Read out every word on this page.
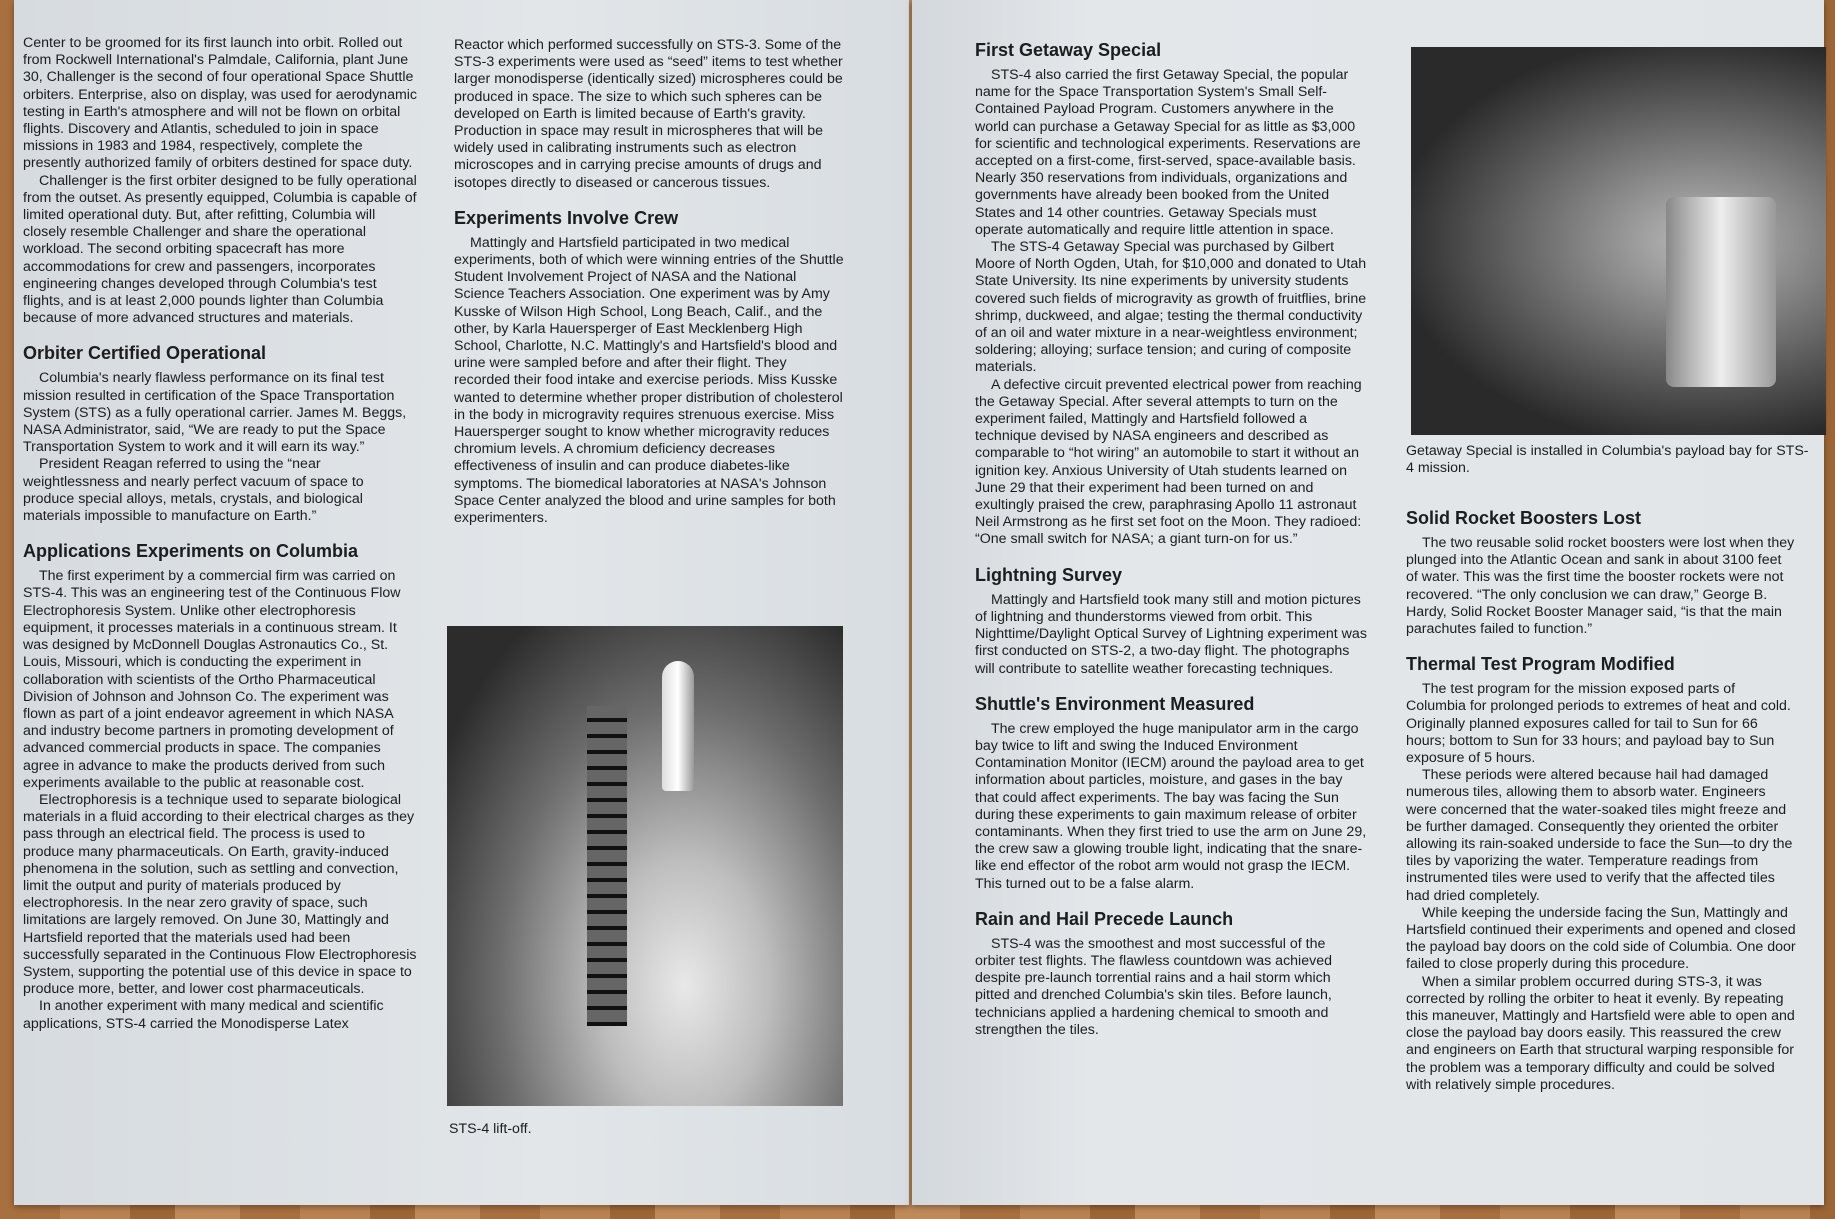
Center to be groomed for its first launch into orbit. Rolled out from Rockwell International's Palmdale, California, plant June 30, Challenger is the second of four operational Space Shuttle orbiters. Enterprise, also on display, was used for aerodynamic testing in Earth's atmosphere and will not be flown on orbital flights. Discovery and Atlantis, scheduled to join in space missions in 1983 and 1984, respectively, complete the presently authorized family of orbiters destined for space duty.

Challenger is the first orbiter designed to be fully operational from the outset. As presently equipped, Columbia is capable of limited operational duty. But, after refitting, Columbia will closely resemble Challenger and share the operational workload. The second orbiting spacecraft has more accommodations for crew and passengers, incorporates engineering changes developed through Columbia's test flights, and is at least 2,000 pounds lighter than Columbia because of more advanced structures and materials.

Orbiter Certified Operational

Columbia's nearly flawless performance on its final test mission resulted in certification of the Space Transportation System (STS) as a fully operational carrier. James M. Beggs, NASA Administrator, said, “We are ready to put the Space Transportation System to work and it will earn its way.”

President Reagan referred to using the “near weightlessness and nearly perfect vacuum of space to produce special alloys, metals, crystals, and biological materials impossible to manufacture on Earth.”

Applications Experiments on Columbia

The first experiment by a commercial firm was carried on STS-4. This was an engineering test of the Continuous Flow Electrophoresis System. Unlike other electrophoresis equipment, it processes materials in a continuous stream. It was designed by McDonnell Douglas Astronautics Co., St. Louis, Missouri, which is conducting the experiment in collaboration with scientists of the Ortho Pharmaceutical Division of Johnson and Johnson Co. The experiment was flown as part of a joint endeavor agreement in which NASA and industry become partners in promoting development of advanced commercial products in space. The companies agree in advance to make the products derived from such experiments available to the public at reasonable cost.

Electrophoresis is a technique used to separate biological materials in a fluid according to their electrical charges as they pass through an electrical field. The process is used to produce many pharmaceuticals. On Earth, gravity-induced phenomena in the solution, such as settling and convection, limit the output and purity of materials produced by electrophoresis. In the near zero gravity of space, such limitations are largely removed. On June 30, Mattingly and Hartsfield reported that the materials used had been successfully separated in the Continuous Flow Electrophoresis System, supporting the potential use of this device in space to produce more, better, and lower cost pharmaceuticals.

In another experiment with many medical and scientific applications, STS-4 carried the Monodisperse Latex

Reactor which performed successfully on STS-3. Some of the STS-3 experiments were used as “seed” items to test whether larger monodisperse (identically sized) microspheres could be produced in space. The size to which such spheres can be developed on Earth is limited because of Earth's gravity. Production in space may result in microspheres that will be widely used in calibrating instruments such as electron microscopes and in carrying precise amounts of drugs and isotopes directly to diseased or cancerous tissues.

Experiments Involve Crew

Mattingly and Hartsfield participated in two medical experiments, both of which were winning entries of the Shuttle Student Involvement Project of NASA and the National Science Teachers Association. One experiment was by Amy Kusske of Wilson High School, Long Beach, Calif., and the other, by Karla Hauersperger of East Mecklenberg High School, Charlotte, N.C. Mattingly's and Hartsfield's blood and urine were sampled before and after their flight. They recorded their food intake and exercise periods. Miss Kusske wanted to determine whether proper distribution of cholesterol in the body in microgravity requires strenuous exercise. Miss Hauersperger sought to know whether microgravity reduces chromium levels. A chromium deficiency decreases effectiveness of insulin and can produce diabetes-like symptoms. The biomedical laboratories at NASA's Johnson Space Center analyzed the blood and urine samples for both experimenters.

STS-4 lift-off.
First Getaway Special

STS-4 also carried the first Getaway Special, the popular name for the Space Transportation System's Small Self-Contained Payload Program. Customers anywhere in the world can purchase a Getaway Special for as little as $3,000 for scientific and technological experiments. Reservations are accepted on a first-come, first-served, space-available basis. Nearly 350 reservations from individuals, organizations and governments have already been booked from the United States and 14 other countries. Getaway Specials must operate automatically and require little attention in space.

The STS-4 Getaway Special was purchased by Gilbert Moore of North Ogden, Utah, for $10,000 and donated to Utah State University. Its nine experiments by university students covered such fields of microgravity as growth of fruitflies, brine shrimp, duckweed, and algae; testing the thermal conductivity of an oil and water mixture in a near-weightless environment; soldering; alloying; surface tension; and curing of composite materials.

A defective circuit prevented electrical power from reaching the Getaway Special. After several attempts to turn on the experiment failed, Mattingly and Hartsfield followed a technique devised by NASA engineers and described as comparable to “hot wiring” an automobile to start it without an ignition key. Anxious University of Utah students learned on June 29 that their experiment had been turned on and exultingly praised the crew, paraphrasing Apollo 11 astronaut Neil Armstrong as he first set foot on the Moon. They radioed: “One small switch for NASA; a giant turn-on for us.”

Lightning Survey

Mattingly and Hartsfield took many still and motion pictures of lightning and thunderstorms viewed from orbit. This Nighttime/Daylight Optical Survey of Lightning experiment was first conducted on STS-2, a two-day flight. The photographs will contribute to satellite weather forecasting techniques.

Shuttle's Environment Measured

The crew employed the huge manipulator arm in the cargo bay twice to lift and swing the Induced Environment Contamination Monitor (IECM) around the payload area to get information about particles, moisture, and gases in the bay that could affect experiments. The bay was facing the Sun during these experiments to gain maximum release of orbiter contaminants. When they first tried to use the arm on June 29, the crew saw a glowing trouble light, indicating that the snare-like end effector of the robot arm would not grasp the IECM. This turned out to be a false alarm.

Rain and Hail Precede Launch

STS-4 was the smoothest and most successful of the orbiter test flights. The flawless countdown was achieved despite pre-launch torrential rains and a hail storm which pitted and drenched Columbia's skin tiles. Before launch, technicians applied a hardening chemical to smooth and strengthen the tiles.

Getaway Special is installed in Columbia's payload bay for STS-4 mission.
Solid Rocket Boosters Lost

The two reusable solid rocket boosters were lost when they plunged into the Atlantic Ocean and sank in about 3100 feet of water. This was the first time the booster rockets were not recovered. “The only conclusion we can draw,” George B. Hardy, Solid Rocket Booster Manager said, “is that the main parachutes failed to function.”

Thermal Test Program Modified

The test program for the mission exposed parts of Columbia for prolonged periods to extremes of heat and cold. Originally planned exposures called for tail to Sun for 66 hours; bottom to Sun for 33 hours; and payload bay to Sun exposure of 5 hours.

These periods were altered because hail had damaged numerous tiles, allowing them to absorb water. Engineers were concerned that the water-soaked tiles might freeze and be further damaged. Consequently they oriented the orbiter allowing its rain-soaked underside to face the Sun—to dry the tiles by vaporizing the water. Temperature readings from instrumented tiles were used to verify that the affected tiles had dried completely.

While keeping the underside facing the Sun, Mattingly and Hartsfield continued their experiments and opened and closed the payload bay doors on the cold side of Columbia. One door failed to close properly during this procedure.

When a similar problem occurred during STS-3, it was corrected by rolling the orbiter to heat it evenly. By repeating this maneuver, Mattingly and Hartsfield were able to open and close the payload bay doors easily. This reassured the crew and engineers on Earth that structural warping responsible for the problem was a temporary difficulty and could be solved with relatively simple procedures.
